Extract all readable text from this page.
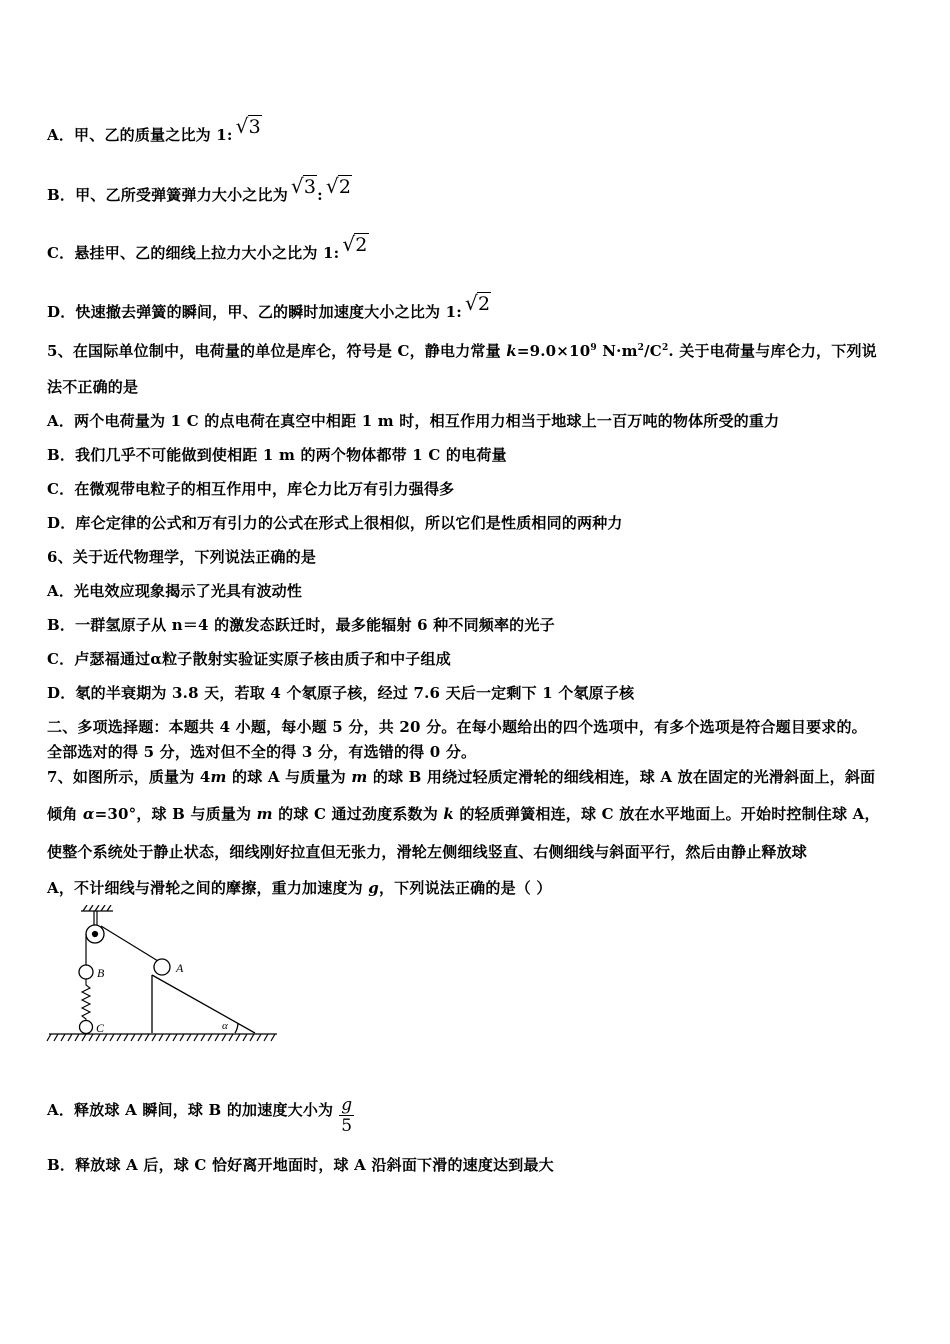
A．甲、乙的质量之比为 1: √3
B．甲、乙所受弹簧弹力大小之比为 √3: √2
C．悬挂甲、乙的细线上拉力大小之比为 1: √2
D．快速撤去弹簧的瞬间，甲、乙的瞬时加速度大小之比为 1: √2
5、在国际单位制中，电荷量的单位是库仑，符号是 C，静电力常量 $k=9.0\times 10^9$ $N\cdot m^2/C^2$. 关于电荷量与库仑力，下列说
法不正确的是
A．两个电荷量为 1 C 的点电荷在真空中相距 1 m 时，相互作用力相当于地球上一百万吨的物体所受的重力
B．我们几乎不可能做到使相距 1 m 的两个物体都带 1 C 的电荷量
C．在微观带电粒子的相互作用中，库仑力比万有引力强得多
D．库仑定律的公式和万有引力的公式在形式上很相似，所以它们是性质相同的两种力
6、关于近代物理学，下列说法正确的是
A．光电效应现象揭示了光具有波动性
B．一群氢原子从 n＝4 的激发态跃迁时，最多能辐射 6 种不同频率的光子
C．卢瑟福通过α粒子散射实验证实原子核由质子和中子组成
D．氡的半衰期为 3.8 天，若取 4 个氡原子核，经过 7.6 天后一定剩下 1 个氡原子核
二、多项选择题：本题共 4 小题，每小题 5 分，共 20 分。在每小题给出的四个选项中，有多个选项是符合题目要求的。
全部选对的得 5 分，选对但不全的得 3 分，有选错的得 0 分。
7、如图所示，质量为 4m 的球 A 与质量为 m 的球 B 用绕过轻质定滑轮的细线相连，球 A 放在固定的光滑斜面上，斜面
倾角 α=30°，球 B 与质量为 m 的球 C 通过劲度系数为 k 的轻质弹簧相连，球 C 放在水平地面上。开始时控制住球 A，
使整个系统处于静止状态，细线刚好拉直但无张力，滑轮左侧细线竖直、右侧细线与斜面平行，然后由静止释放球
A，不计细线与滑轮之间的摩擦，重力加速度为 g，下列说法正确的是（ ）
B
C	α
A
A．释放球 A 瞬间，球 B 的加速度大小为 $\frac{g}{5}$
B．释放球 A 后，球 C 恰好离开地面时，球 A 沿斜面下滑的速度达到最大
